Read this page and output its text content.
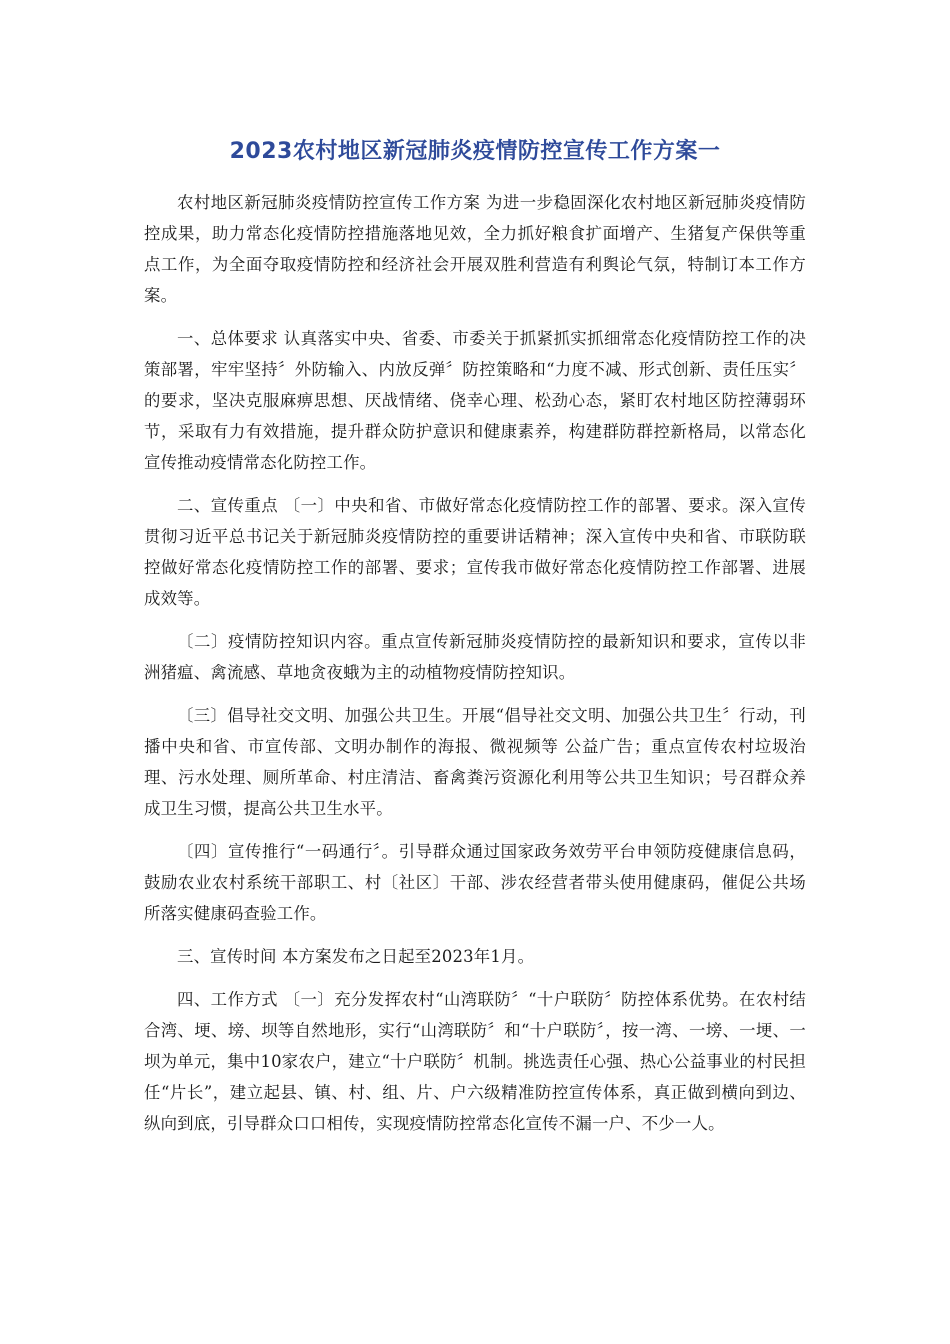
2023农村地区新冠肺炎疫情防控宣传工作方案一

农村地区新冠肺炎疫情防控宣传工作方案 为进一步稳固深化农村地区新冠肺炎疫情防控成果，助力常态化疫情防控措施落地见效，全力抓好粮食扩面增产、生猪复产保供等重点工作，为全面夺取疫情防控和经济社会开展双胜利营造有利舆论气氛，特制订本工作方案。

一、总体要求 认真落实中央、省委、市委关于抓紧抓实抓细常态化疫情防控工作的决策部署，牢牢坚持〞外防输入、内放反弹〞防控策略和“力度不减、形式创新、责任压实〞的要求，坚决克服麻痹思想、厌战情绪、侥幸心理、松劲心态，紧盯农村地区防控薄弱环节，采取有力有效措施，提升群众防护意识和健康素养，构建群防群控新格局，以常态化宣传推动疫情常态化防控工作。

二、宣传重点 〔一〕中央和省、市做好常态化疫情防控工作的部署、要求。深入宣传贯彻习近平总书记关于新冠肺炎疫情防控的重要讲话精神；深入宣传中央和省、市联防联控做好常态化疫情防控工作的部署、要求；宣传我市做好常态化疫情防控工作部署、进展成效等。

〔二〕疫情防控知识内容。重点宣传新冠肺炎疫情防控的最新知识和要求，宣传以非洲猪瘟、禽流感、草地贪夜蛾为主的动植物疫情防控知识。

〔三〕倡导社交文明、加强公共卫生。开展“倡导社交文明、加强公共卫生〞行动，刊播中央和省、市宣传部、文明办制作的海报、微视频等 公益广告；重点宣传农村垃圾治理、污水处理、厕所革命、村庄清洁、畜禽粪污资源化利用等公共卫生知识；号召群众养成卫生习惯，提高公共卫生水平。

〔四〕宣传推行“一码通行〞。引导群众通过国家政务效劳平台申领防疫健康信息码，鼓励农业农村系统干部职工、村〔社区〕干部、涉农经营者带头使用健康码，催促公共场所落实健康码查验工作。

三、宣传时间 本方案发布之日起至2023年1月。

四、工作方式 〔一〕充分发挥农村“山湾联防〞“十户联防〞防控体系优势。在农村结合湾、埂、塝、坝等自然地形，实行“山湾联防〞和“十户联防〞，按一湾、一塝、一埂、一坝为单元，集中10家农户，建立“十户联防〞机制。挑选责任心强、热心公益事业的村民担任“片长”，建立起县、镇、村、组、片、户六级精准防控宣传体系，真正做到横向到边、纵向到底，引导群众口口相传，实现疫情防控常态化宣传不漏一户、不少一人。
